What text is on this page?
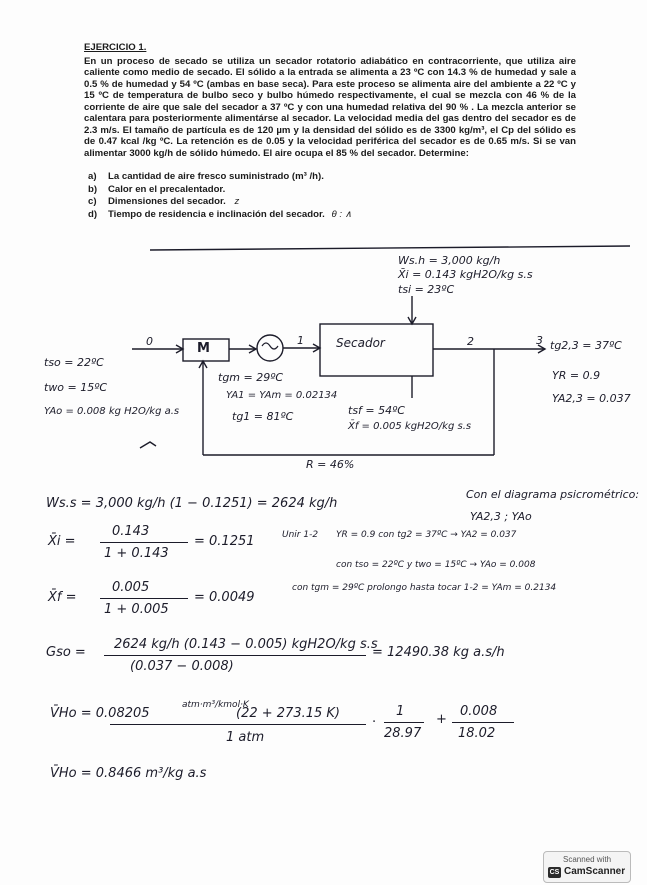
EJERCICIO 1.

En un proceso de secado se utiliza un secador rotatorio adiabático en contracorriente, que utiliza aire caliente como medio de secado. El sólido a la entrada se alimenta a 23 ºC con 14.3 % de humedad y sale a 0.5 % de humedad y 54 ºC (ambas en base seca). Para este proceso se alimenta aire del ambiente a 22 ºC y 15 ºC de temperatura de bulbo seco y bulbo húmedo respectivamente, el cual se mezcla con 46 % de la corriente de aire que sale del secador a 37 ºC y con una humedad relativa del 90 % . La mezcla anterior se calentara para posteriormente alimentárse al secador. La velocidad media del gas dentro del secador es de 2.3 m/s. El tamaño de partícula es de 120 µm y la densidad del sólido es de 3300 kg/m³, el Cp del sólido es de 0.47 kcal /kg ºC. La retención es de 0.05 y la velocidad periférica del secador es de 0.65 m/s. Si se van alimentar 3000 kg/h de sólido húmedo. El aire ocupa el 85 % del secador. Determine:

a) La cantidad de aire fresco suministrado (m³ /h).
b) Calor en el precalentador.
c) Dimensiones del secador. z
d) Tiempo de residencia e inclinación del secador. θ : ∧
Ws.h = 3,000 kg/h
X̄i = 0.143 kgH2O/kg s.s
tsi = 23ºC
0	1	2	3
M	Secador
tso = 22ºC
two = 15ºC
YAo = 0.008 kg H2O/kg a.s
tgm = 29ºC
YA1 = YAm = 0.02134
tg1 = 81ºC	tsf = 54ºC
X̄f = 0.005 kgH2O/kg s.s
tg2,3 = 37ºC
YR = 0.9
YA2,3 = 0.037
R = 46%
Ws.s = 3,000 kg/h (1 − 0.1251) = 2624 kg/h
Con el diagrama psicrométrico:
YA2,3 ; YAo
Unir 1-2 YR = 0.9 con tg2 = 37ºC → YA2 = 0.037
con tso = 22ºC y two = 15ºC → YAo = 0.008
con tgm = 29ºC prolongo hasta tocar 1-2 = YAm = 0.2134
X̄i =
0.143
1 + 0.143
= 0.1251
X̄f =
0.005
1 + 0.005
= 0.0049
Gso =
2624 kg/h (0.143 − 0.005) kgH2O/kg s.s
(0.037 − 0.008)
= 12490.38 kg a.s/h
V̄Ho = 0.08205
atm·m³/kmol·K
(22 + 273.15 K)
1 atm
·
1
28.97
+
0.008
18.02
V̄Ho = 0.8466 m³/kg a.s
Scanned with
CS CamScanner
